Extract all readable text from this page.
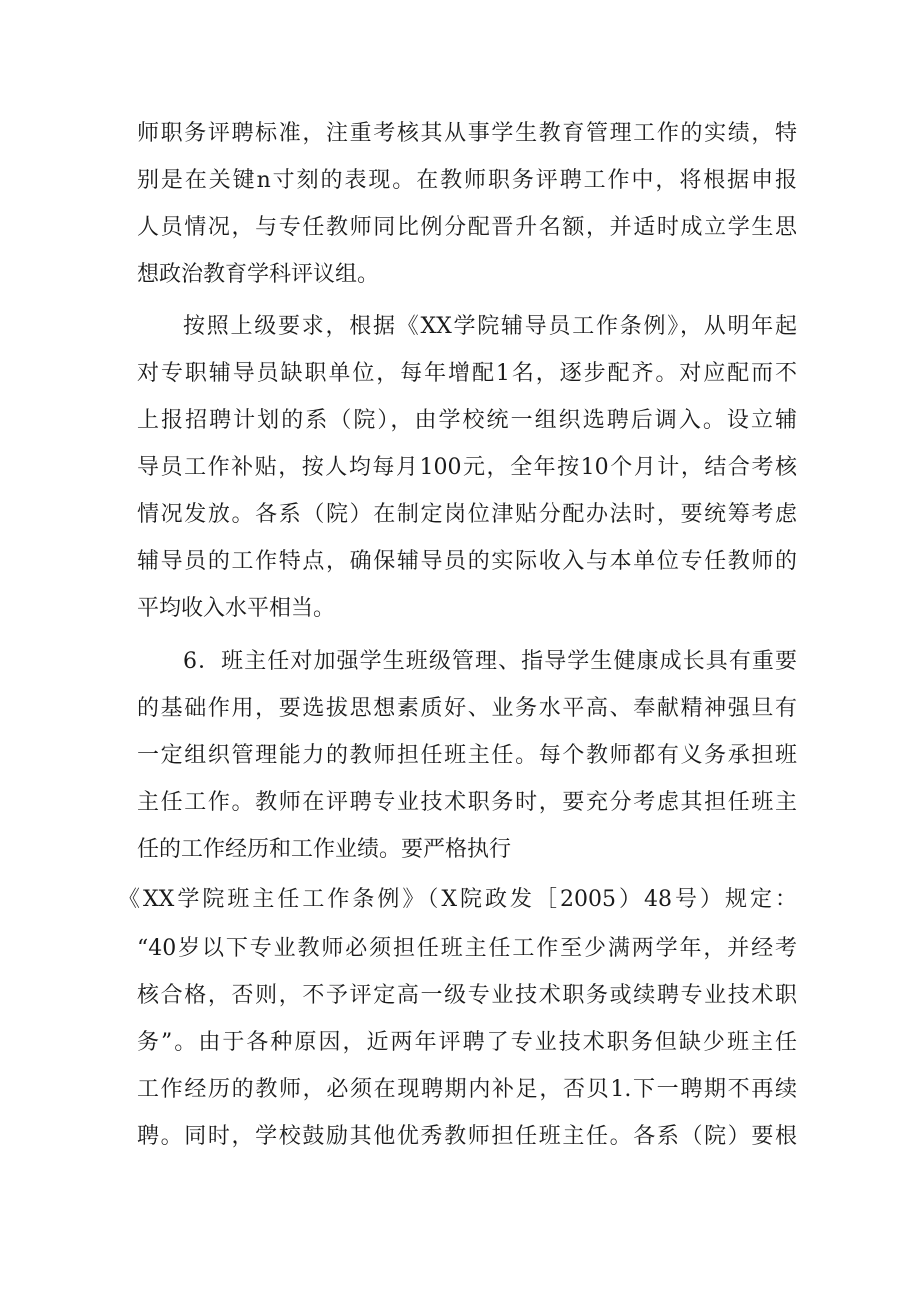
师职务评聘标准，注重考核其从事学生教育管理工作的实绩，特
别是在关键n寸刻的表现。在教师职务评聘工作中，将根据申报
人员情况，与专任教师同比例分配晋升名额，并适时成立学生思
想政治教育学科评议组。
按照上级要求，根据《XX学院辅导员工作条例》，从明年起
对专职辅导员缺职单位，每年增配1名，逐步配齐。对应配而不
上报招聘计划的系（院），由学校统一组织选聘后调入。设立辅
导员工作补贴，按人均每月100元，全年按10个月计，结合考核
情况发放。各系（院）在制定岗位津贴分配办法时，要统筹考虑
辅导员的工作特点，确保辅导员的实际收入与本单位专任教师的
平均收入水平相当。
6．班主任对加强学生班级管理、指导学生健康成长具有重要
的基础作用，要选拔思想素质好、业务水平高、奉献精神强旦有
一定组织管理能力的教师担任班主任。每个教师都有义务承担班
主任工作。教师在评聘专业技术职务时，要充分考虑其担任班主
任的工作经历和工作业绩。要严格执行
《XX学院班主任工作条例》（X院政发［2005）48号）规定：
“40岁以下专业教师必须担任班主任工作至少满两学年，并经考
核合格，否则，不予评定高一级专业技术职务或续聘专业技术职
务”。由于各种原因，近两年评聘了专业技术职务但缺少班主任
工作经历的教师，必须在现聘期内补足，否贝1.下一聘期不再续
聘。同时，学校鼓励其他优秀教师担任班主任。各系（院）要根
